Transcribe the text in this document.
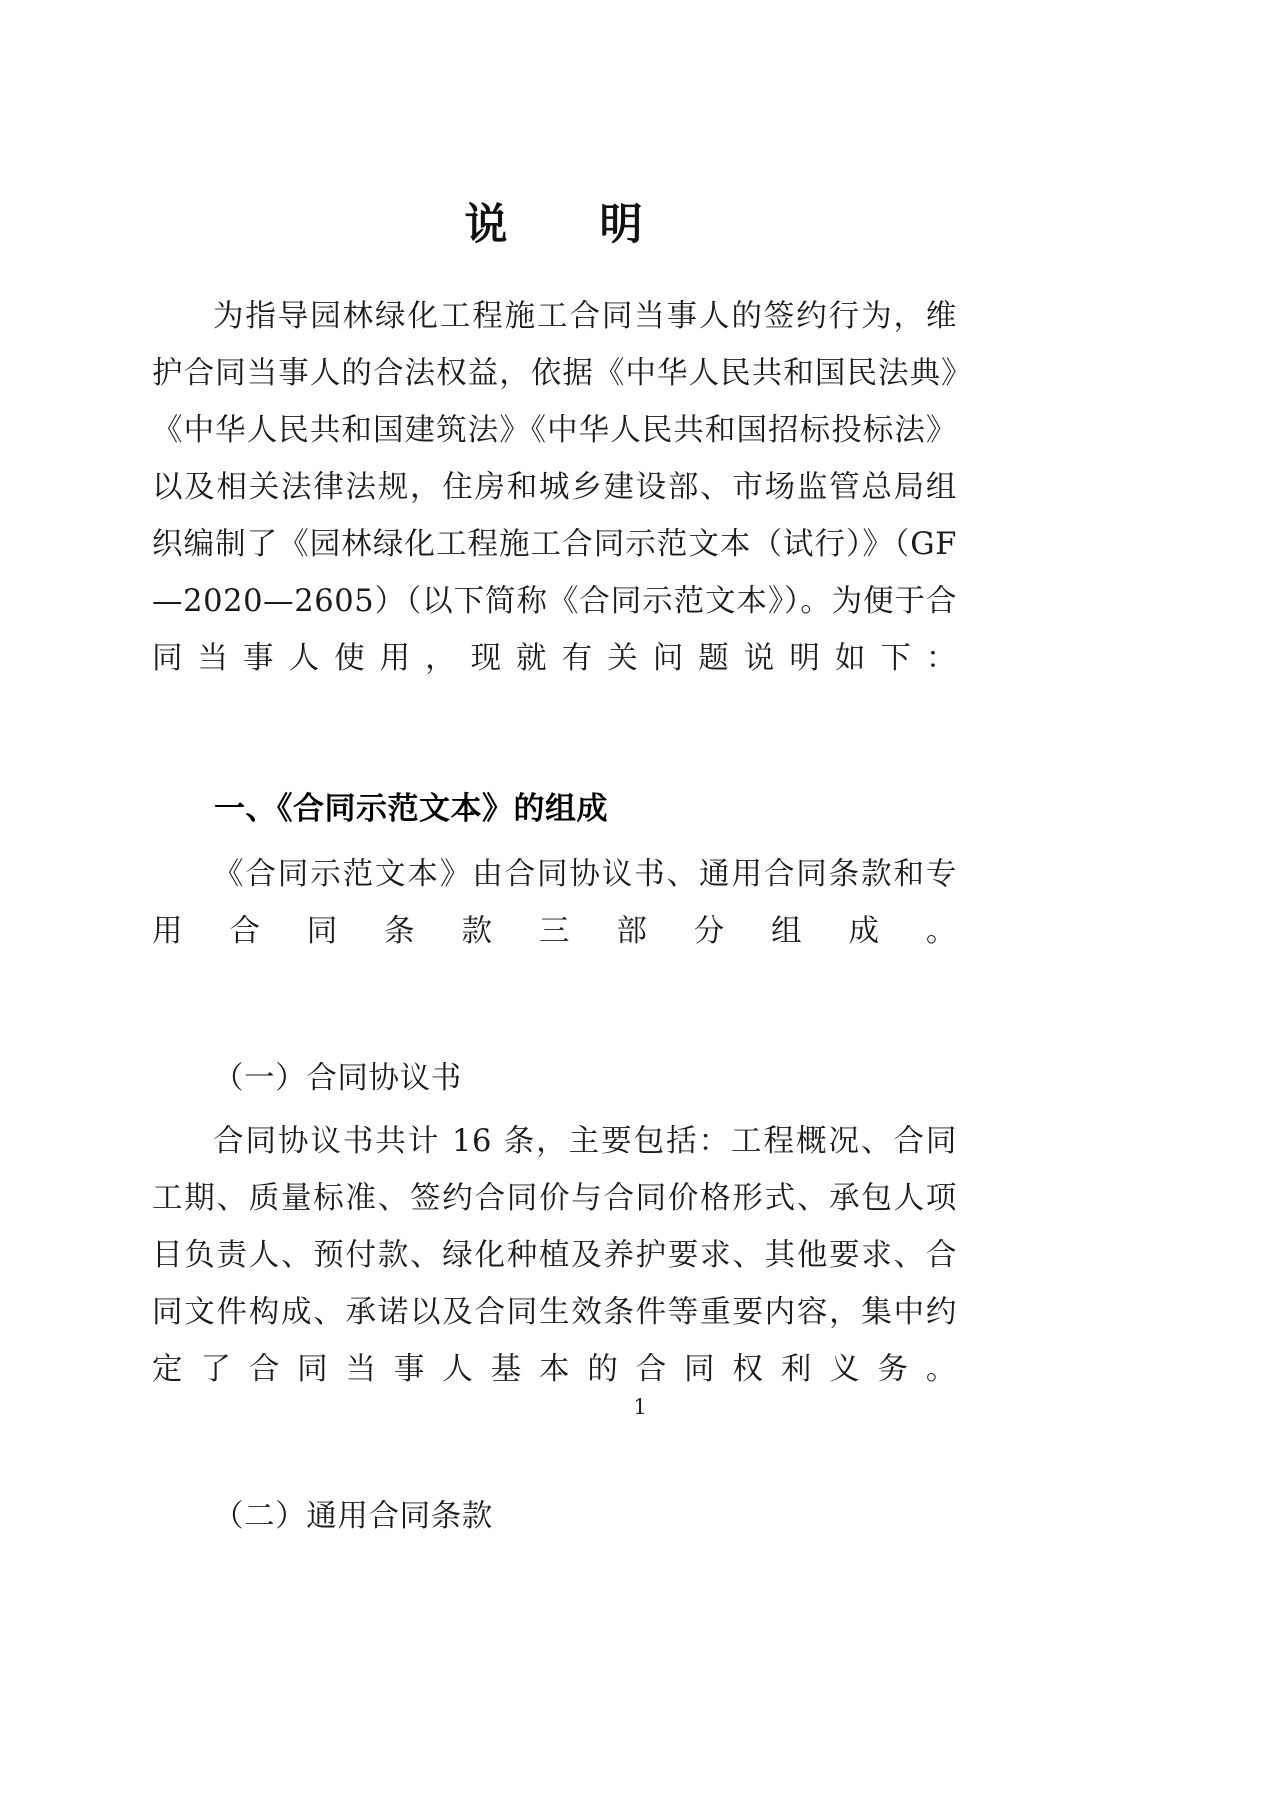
说　　明

为指导园林绿化工程施工合同当事人的签约行为，维护合同当事人的合法权益，依据《中华人民共和国民法典》《中华人民共和国建筑法》《中华人民共和国招标投标法》以及相关法律法规，住房和城乡建设部、市场监管总局组织编制了《园林绿化工程施工合同示范文本（试行）》（GF—2020—2605）（以下简称《合同示范文本》）。为便于合同当事人使用，现就有关问题说明如下：

一、《合同示范文本》的组成

《合同示范文本》由合同协议书、通用合同条款和专用合同条款三部分组成。

（一）合同协议书

合同协议书共计 16 条，主要包括：工程概况、合同工期、质量标准、签约合同价与合同价格形式、承包人项目负责人、预付款、绿化种植及养护要求、其他要求、合同文件构成、承诺以及合同生效条件等重要内容，集中约定了合同当事人基本的合同权利义务。

（二）通用合同条款

1
